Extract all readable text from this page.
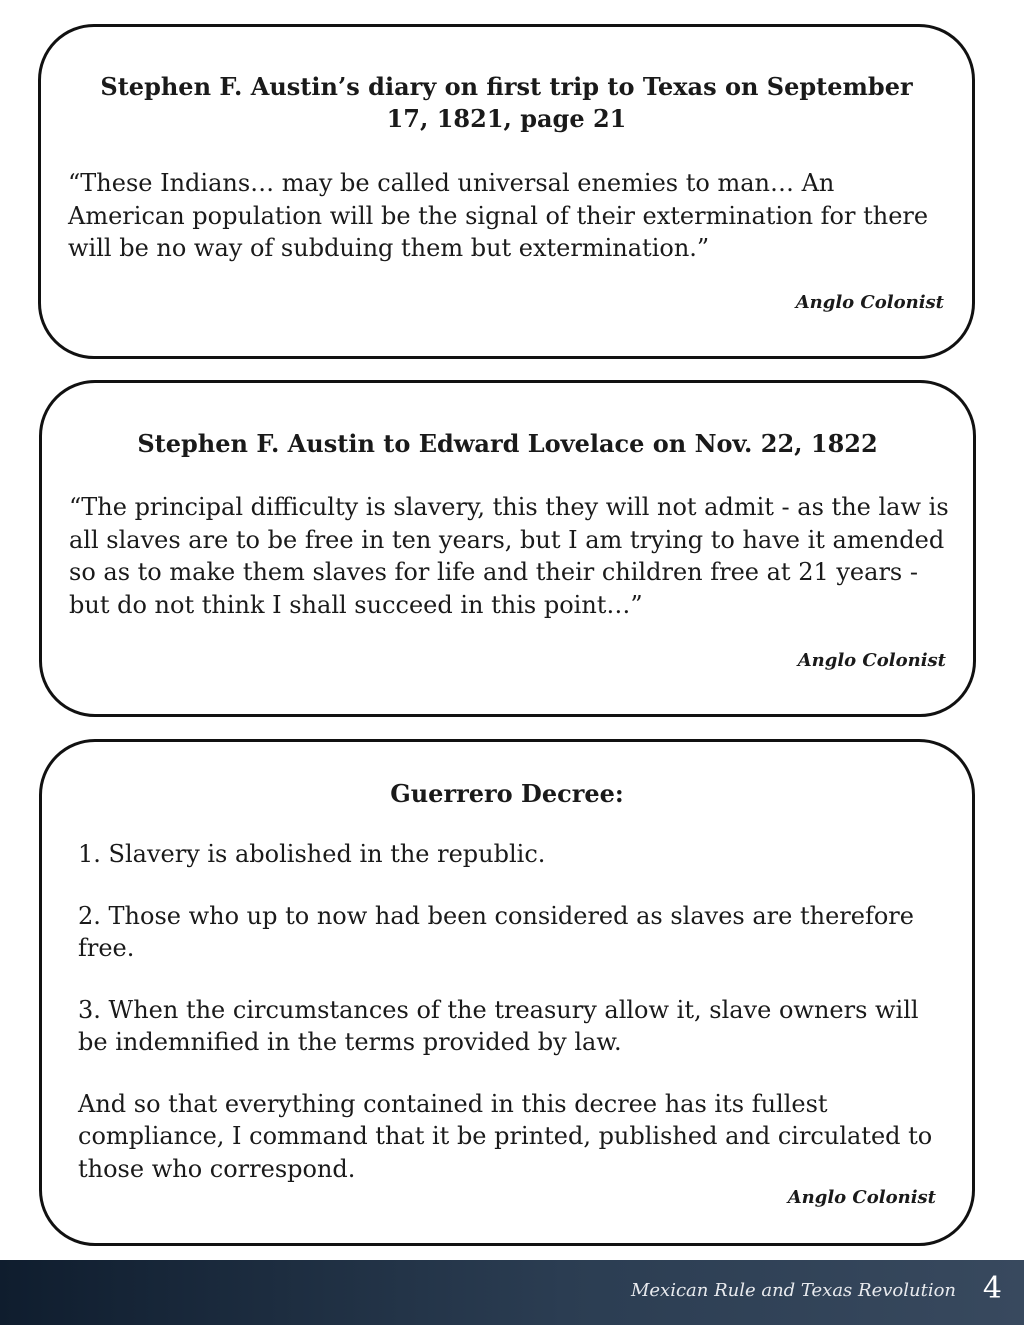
Stephen F. Austin’s diary on first trip to Texas on September 17, 1821, page 21

“These Indians… may be called universal enemies to man… An American population will be the signal of their extermination for there will be no way of subduing them but extermination.”

Anglo Colonist

Stephen F. Austin to Edward Lovelace on Nov. 22, 1822

“The principal difficulty is slavery, this they will not admit - as the law is all slaves are to be free in ten years, but I am trying to have it amended so as to make them slaves for life and their children free at 21 years - but do not think I shall succeed in this point…”

Anglo Colonist

Guerrero Decree:

1. Slavery is abolished in the republic.

2. Those who up to now had been considered as slaves are therefore free.

3. When the circumstances of the treasury allow it, slave owners will be indemnified in the terms provided by law.

And so that everything contained in this decree has its fullest compliance, I command that it be printed, published and circulated to those who correspond.

Anglo Colonist

Mexican Rule and Texas Revolution 4
